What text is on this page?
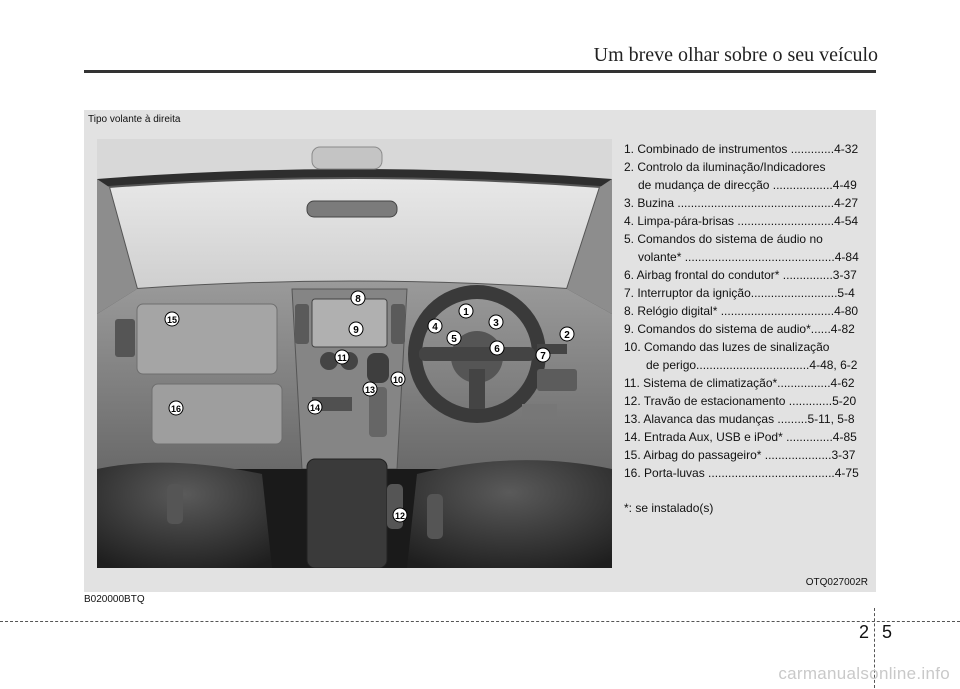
Um breve olhar sobre o seu veículo
Tipo volante à direita
1
2
3
4
5
6
7
8
9
10
11
12
13
14
15
16
1. Combinado de instrumentos .............4-32
2. Controlo da iluminação/Indicadores
de mudança de direcção ..................4-49
3. Buzina ...............................................4-27
4. Limpa-pára-brisas .............................4-54
5. Comandos do sistema de áudio no
volante* .............................................4-84
6. Airbag frontal do condutor* ...............3-37
7. Interruptor da ignição..........................5-4
8. Relógio digital* ..................................4-80
9. Comandos do sistema de audio*......4-82
10. Comando das luzes de sinalização
de perigo..................................4-48, 6-2
11. Sistema de climatização*................4-62
12. Travão de estacionamento .............5-20
13. Alavanca das mudanças .........5-11, 5-8
14. Entrada Aux, USB e iPod* ..............4-85
15. Airbag do passageiro* ....................3-37
16. Porta-luvas ......................................4-75
*: se instalado(s)
OTQ027002R
B020000BTQ
2 5
carmanualsonline.info
